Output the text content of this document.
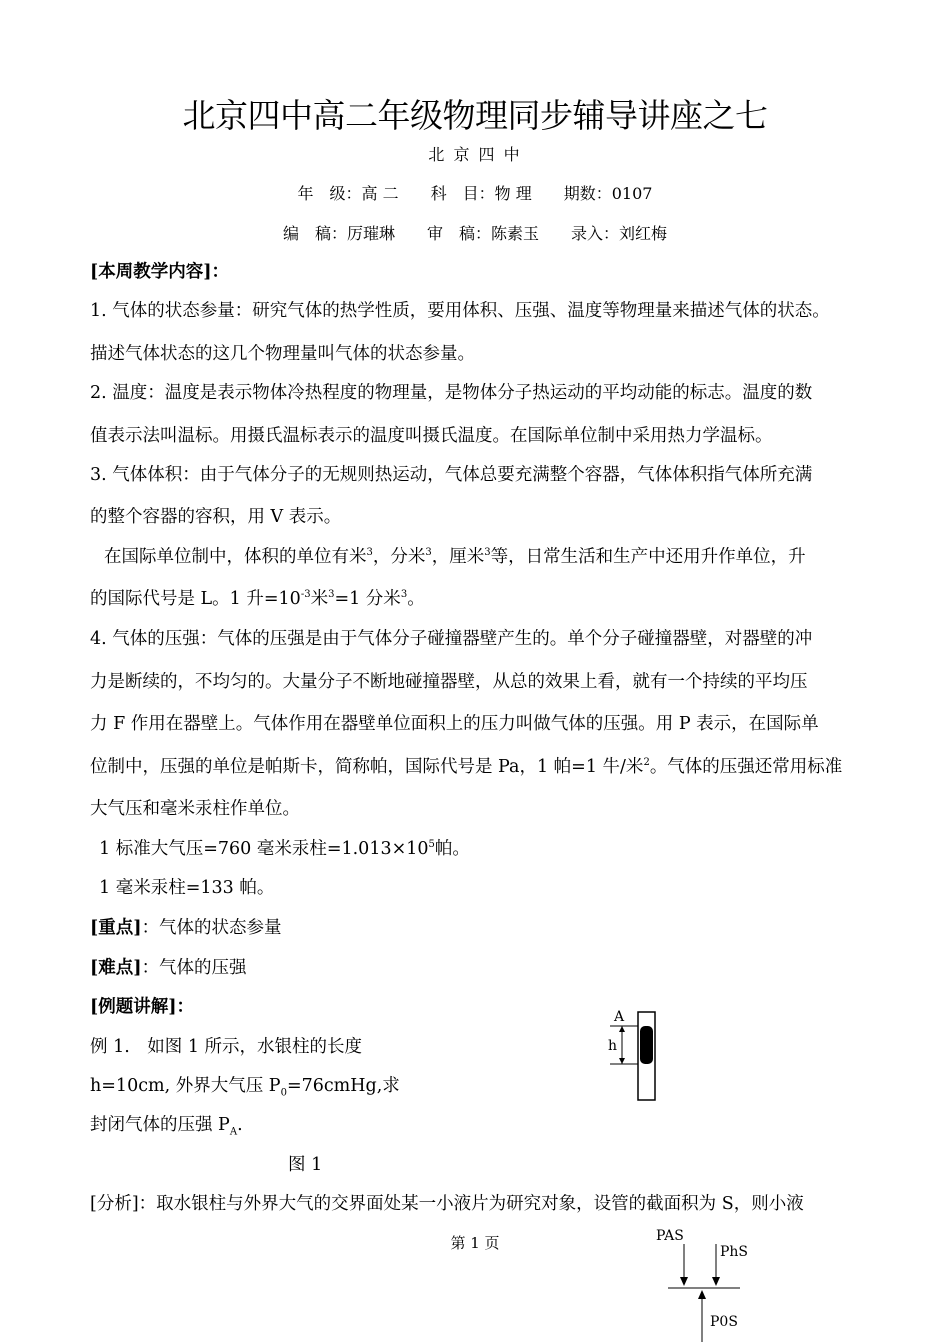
北京四中高二年级物理同步辅导讲座之七
北 京 四 中
年　级：高 二　　科　目：物 理　　期数：0107
编　稿：厉璀琳　　审　稿：陈素玉　　录入：刘红梅
[本周教学内容]：
1. 气体的状态参量：研究气体的热学性质，要用体积、压强、温度等物理量来描述气体的状态。
描述气体状态的这几个物理量叫气体的状态参量。
2. 温度：温度是表示物体冷热程度的物理量，是物体分子热运动的平均动能的标志。温度的数
值表示法叫温标。用摄氏温标表示的温度叫摄氏温度。在国际单位制中采用热力学温标。
3. 气体体积：由于气体分子的无规则热运动，气体总要充满整个容器，气体体积指气体所充满
的整个容器的容积，用 V 表示。
在国际单位制中，体积的单位有米$^3$，分米$^3$，厘米$^3$等，日常生活和生产中还用升作单位，升
的国际代号是 L。1 升$=10^{-3}$米$^3$=1 分米$^3$。
4. 气体的压强：气体的压强是由于气体分子碰撞器壁产生的。单个分子碰撞器壁，对器壁的冲
力是断续的，不均匀的。大量分子不断地碰撞器壁，从总的效果上看，就有一个持续的平均压
力 F 作用在器壁上。气体作用在器壁单位面积上的压力叫做气体的压强。用 P 表示，在国际单
位制中，压强的单位是帕斯卡，简称帕，国际代号是 Pa，1 帕=1 牛/米$^2$。气体的压强还常用标准
大气压和毫米汞柱作单位。
1 标准大气压=760 毫米汞柱$=1.013\times 10^5$帕。
1 毫米汞柱=133 帕。
[重点]：气体的状态参量
[难点]：气体的压强
[例题讲解]：
例 1.　如图 1 所示，水银柱的长度
h=10cm, 外界大气压 $P_0=76cmHg$,求
封闭气体的压强 $P_A$.
图 1
[分析]：取水银柱与外界大气的交界面处某一小液片为研究对象，设管的截面积为 S，则小液
第 1 页
A
h
PAS
PhS
P0S
